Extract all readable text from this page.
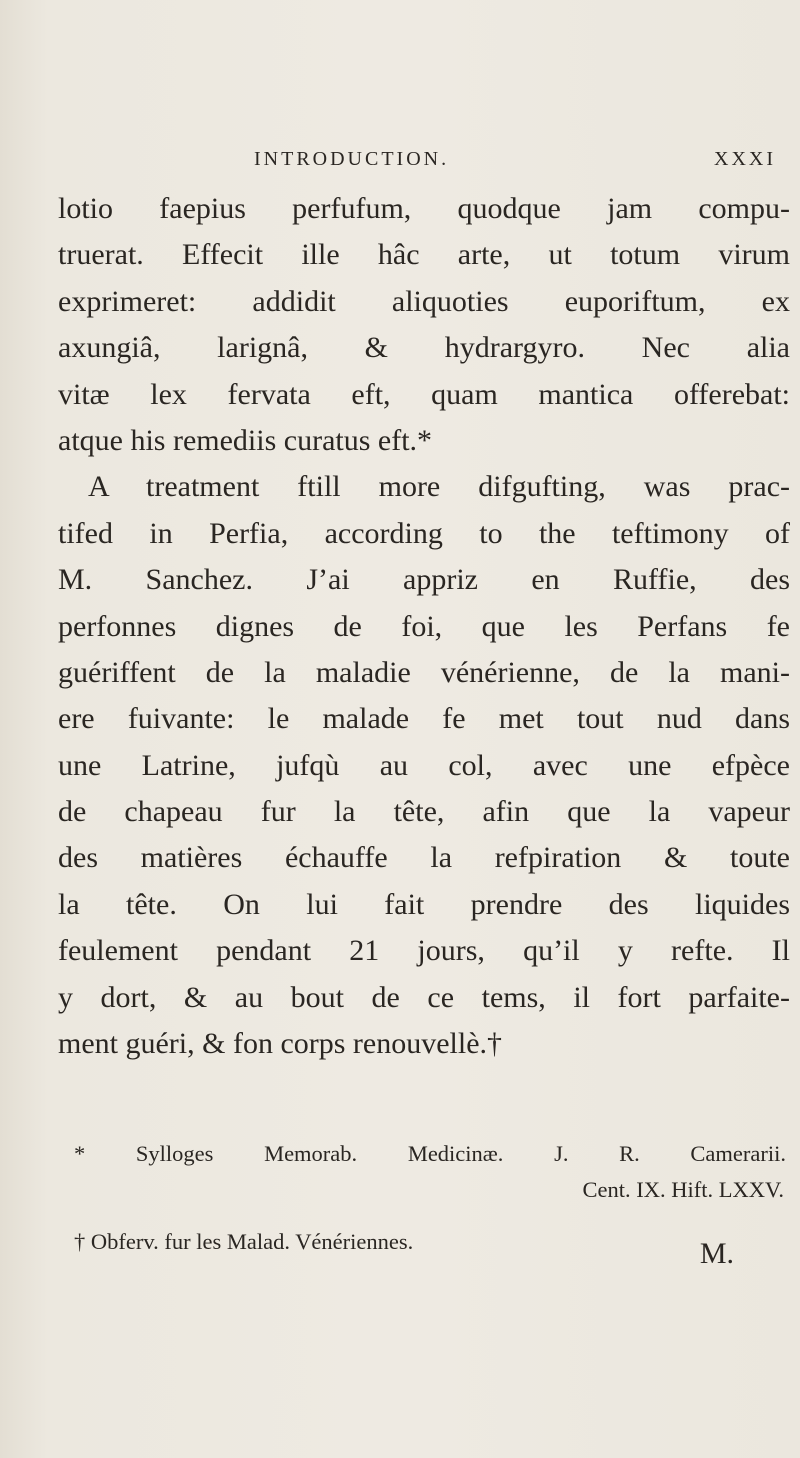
INTRODUCTION.	XXXI
lotio faepius perfufum, quodque jam compu-
truerat. Effecit ille hâc arte, ut totum virum
exprimeret: addidit aliquoties euporiftum, ex
axungiâ, larignâ, & hydrargyro. Nec alia
vitæ lex fervata eft, quam mantica offerebat:
atque his remediis curatus eft.*
A treatment ftill more difgufting, was prac-
tifed in Perfia, according to the teftimony of
M. Sanchez. J’ai appriz en Ruffie, des
perfonnes dignes de foi, que les Perfans fe
guériffent de la maladie vénérienne, de la mani-
ere fuivante: le malade fe met tout nud dans
une Latrine, jufqù au col, avec une efpèce
de chapeau fur la tête, afin que la vapeur
des matières échauffe la refpiration & toute
la tête. On lui fait prendre des liquides
feulement pendant 21 jours, qu’il y refte. Il
y dort, & au bout de ce tems, il fort parfaite-
ment guéri, & fon corps renouvellè.†
* Sylloges Memorab. Medicinæ. J. R. Camerarii.
Cent. IX. Hift. LXXV.
† Obferv. fur les Malad. Vénériennes.	M.
